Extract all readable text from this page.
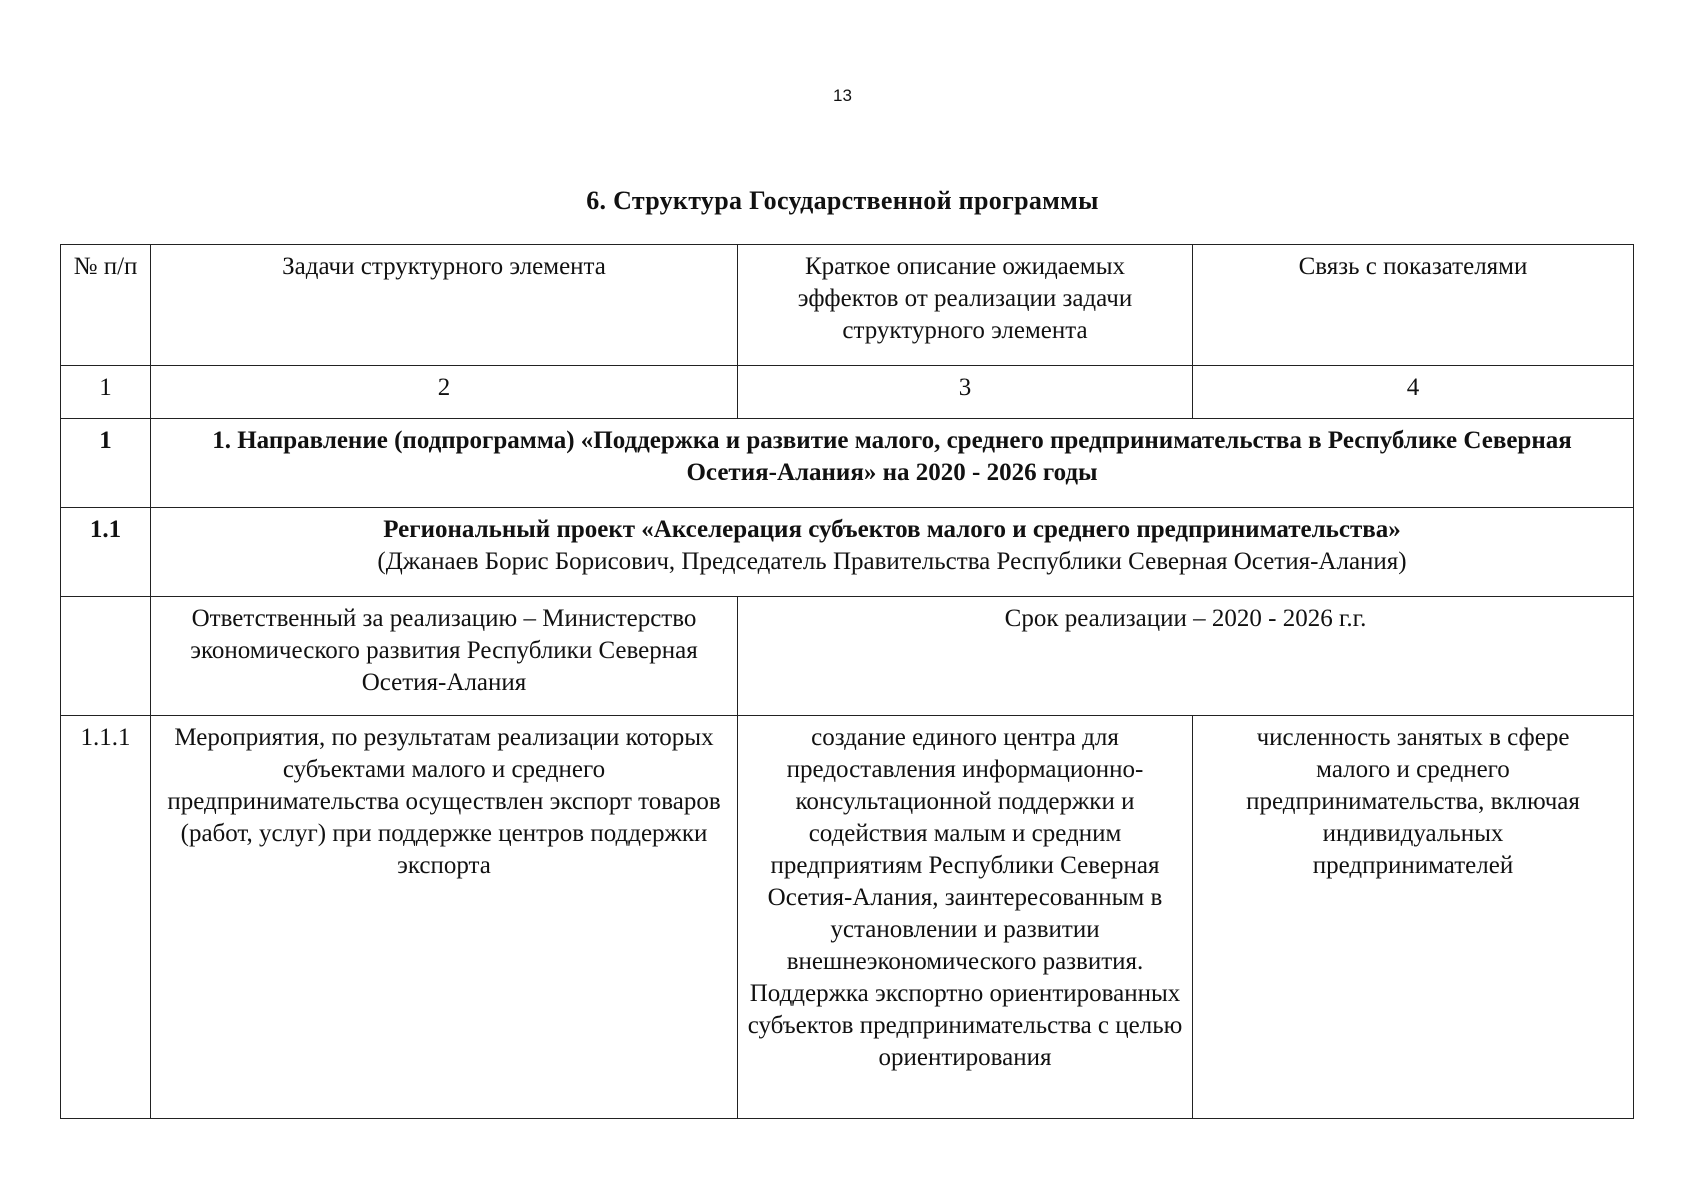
13
6. Структура Государственной программы
№ п/п	Задачи структурного элемента	Краткое описание ожидаемых эффектов от реализации задачи структурного элемента	Связь с показателями
1	2	3	4
1	1. Направление (подпрограмма) «Поддержка и развитие малого, среднего предпринимательства в Республике Северная Осетия-Алания» на 2020 - 2026 годы		
1.1	Региональный проект «Акселерация субъектов малого и среднего предпринимательства»
(Джанаев Борис Борисович, Председатель Правительства Республики Северная Осетия-Алания)		

	Ответственный за реализацию – Министерство экономического развития Республики Северная Осетия-Алания	Срок реализации – 2020 - 2026 г.г.	
1.1.1	Мероприятия, по результатам реализации которых субъектами малого и среднего предпринимательства осуществлен экспорт товаров (работ, услуг) при поддержке центров поддержки экспорта	создание единого центра для предоставления информационно-консультационной поддержки и содействия малым и средним предприятиям Республики Северная Осетия-Алания, заинтересованным в установлении и развитии внешнеэкономического развития. Поддержка экспортно ориентированных субъектов предпринимательства с целью ориентирования	численность занятых в сфере малого и среднего предпринимательства, включая индивидуальных предпринимателей
